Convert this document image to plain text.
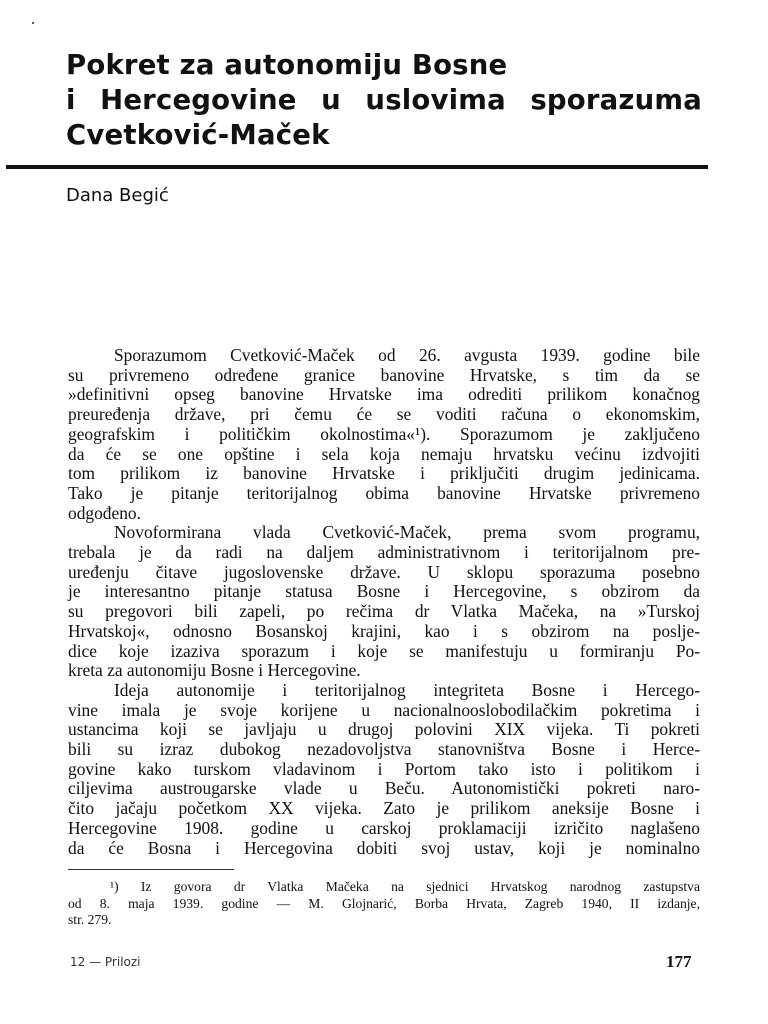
Pokret za autonomiju Bosne
i Hercegovine u uslovima sporazuma
Cvetković-Maček
Dana Begić
Sporazumom Cvetković-Maček od 26. avgusta 1939. godine bile
su privremeno određene granice banovine Hrvatske, s tim da se
»definitivni opseg banovine Hrvatske ima odrediti prilikom konačnog
preuređenja države, pri čemu će se voditi računa o ekonomskim,
geografskim i političkim okolnostima«¹). Sporazumom je zaključeno
da će se one opštine i sela koja nemaju hrvatsku većinu izdvojiti
tom prilikom iz banovine Hrvatske i priključiti drugim jedinicama.
Tako je pitanje teritorijalnog obima banovine Hrvatske privremeno
odgođeno.
Novoformirana vlada Cvetković-Maček, prema svom programu,
trebala je da radi na daljem administrativnom i teritorijalnom pre-
uređenju čitave jugoslovenske države. U sklopu sporazuma posebno
je interesantno pitanje statusa Bosne i Hercegovine, s obzirom da
su pregovori bili zapeli, po rečima dr Vlatka Mačeka, na »Turskoj
Hrvatskoj«, odnosno Bosanskoj krajini, kao i s obzirom na poslje-
dice koje izaziva sporazum i koje se manifestuju u formiranju Po-
kreta za autonomiju Bosne i Hercegovine.
Ideja autonomije i teritorijalnog integriteta Bosne i Hercego-
vine imala je svoje korijene u nacionalnooslobodilačkim pokretima i
ustancima koji se javljaju u drugoj polovini XIX vijeka. Ti pokreti
bili su izraz dubokog nezadovoljstva stanovništva Bosne i Herce-
govine kako turskom vladavinom i Portom tako isto i politikom i
ciljevima austrougarske vlade u Beču. Autonomistički pokreti naro-
čito jačaju početkom XX vijeka. Zato je prilikom aneksije Bosne i
Hercegovine 1908. godine u carskoj proklamaciji izričito naglašeno
da će Bosna i Hercegovina dobiti svoj ustav, koji je nominalno
¹) Iz govora dr Vlatka Mačeka na sjednici Hrvatskog narodnog zastupstva
od 8. maja 1939. godine — M. Glojnarić, Borba Hrvata, Zagreb 1940, II izdanje,
str. 279.
12 — Prilozi	177
